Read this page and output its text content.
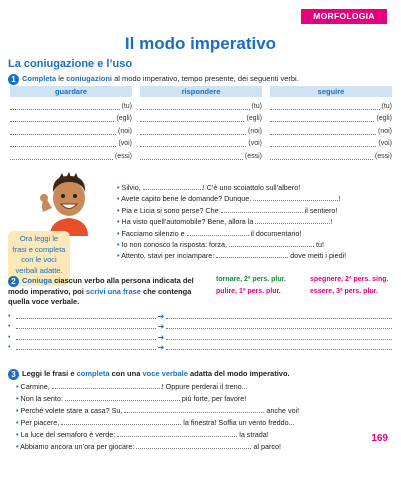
MORFOLOGIA
Il modo imperativo
La coniugazione e l’uso
1 Completa le coniugazioni al modo imperativo, tempo presente, dei seguenti verbi.
guardare
(tu)
(egli)
(noi)
(voi)
(essi)
rispondere
(tu)
(egli)
(noi)
(voi)
(essi)
seguire
(tu)
(egli)
(noi)
(voi)
(essi)
Ora leggi le
frasi e completa
con le voci
verbali adatte.
• Silvio,	! C’è uno scoiattolo sull’albero!
• Avete capito bene le domande? Dunque,	!
• Pia e Licia si sono perse? Che	il sentiero!
• Ha visto quell’automobile? Bene, allora la	!
• Facciamo silenzio e	il documentario!
• Io non conosco la risposta: forza,	tu!
• Attento, stavi per inciampare:	dove metti i piedi!
2 Coniuga ciascun verbo alla persona indicata del modo imperativo, poi scrivi una frase che contenga quella voce verbale.
tornare, 2ª pers. plur.	spegnere, 2ª pers. sing.
pulire, 1ª pers. plur.	essere, 3ª pers. plur.
•	➜
•	➜
•	➜
•	➜
3 Leggi le frasi e completa con una voce verbale adatta del modo imperativo.
• Carmine,	! Oppure perderai il treno...
• Non la sento:	più forte, per favore!
• Perché volete stare a casa? Su,	anche voi!
• Per piacere,	la finestra! Soffia un vento freddo...
• La luce del semaforo è verde:	la strada!
• Abbiamo ancora un’ora per giocare:	al parco!
169
